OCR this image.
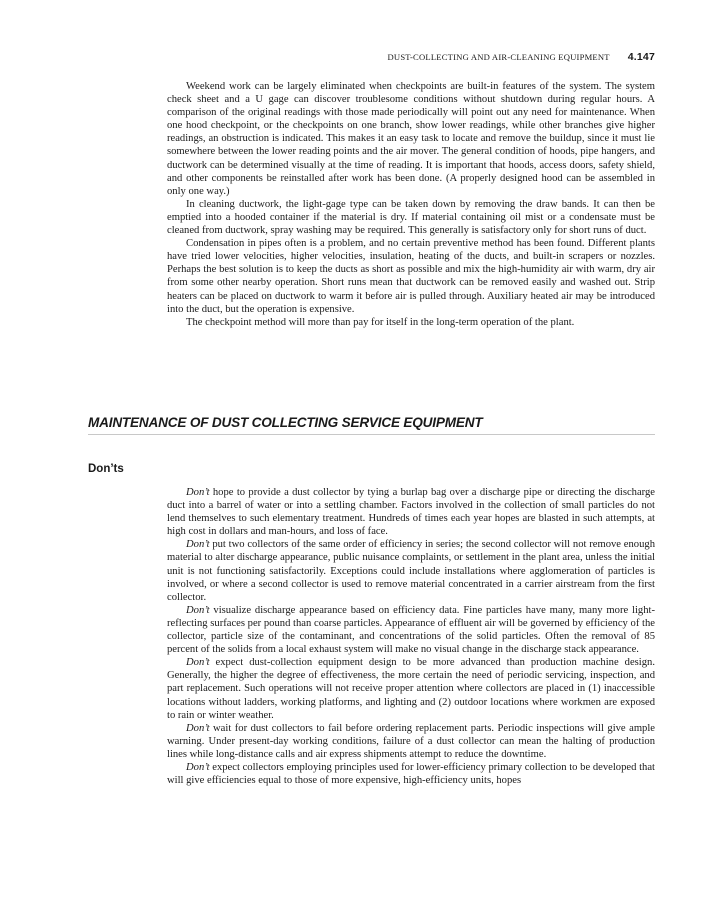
DUST-COLLECTING AND AIR-CLEANING EQUIPMENT 4.147

Weekend work can be largely eliminated when checkpoints are built-in features of the system. The system check sheet and a U gage can discover troublesome conditions without shutdown during regular hours. A comparison of the original readings with those made periodically will point out any need for maintenance. When one hood checkpoint, or the checkpoints on one branch, show lower readings, while other branches give higher readings, an obstruction is indicated. This makes it an easy task to locate and remove the buildup, since it must lie somewhere between the lower reading points and the air mover. The general condition of hoods, pipe hangers, and ductwork can be determined visually at the time of reading. It is important that hoods, access doors, safety shield, and other components be reinstalled after work has been done. (A properly designed hood can be assembled in only one way.)

In cleaning ductwork, the light-gage type can be taken down by removing the draw bands. It can then be emptied into a hooded container if the material is dry. If material containing oil mist or a condensate must be cleaned from ductwork, spray washing may be required. This generally is satisfactory only for short runs of duct.

Condensation in pipes often is a problem, and no certain preventive method has been found. Different plants have tried lower velocities, higher velocities, insulation, heating of the ducts, and built-in scrapers or nozzles. Perhaps the best solution is to keep the ducts as short as possible and mix the high-humidity air with warm, dry air from some other nearby operation. Short runs mean that ductwork can be removed easily and washed out. Strip heaters can be placed on ductwork to warm it before air is pulled through. Auxiliary heated air may be introduced into the duct, but the operation is expensive.

The checkpoint method will more than pay for itself in the long-term operation of the plant.

MAINTENANCE OF DUST COLLECTING SERVICE EQUIPMENT
Don’ts

Don’t hope to provide a dust collector by tying a burlap bag over a discharge pipe or directing the discharge duct into a barrel of water or into a settling chamber. Factors involved in the collection of small particles do not lend themselves to such elementary treatment. Hundreds of times each year hopes are blasted in such attempts, at high cost in dollars and man-hours, and loss of face.

Don’t put two collectors of the same order of efficiency in series; the second collector will not remove enough material to alter discharge appearance, public nuisance complaints, or settlement in the plant area, unless the initial unit is not functioning satisfactorily. Exceptions could include installations where agglomeration of particles is involved, or where a second collector is used to remove material concentrated in a carrier airstream from the first collector.

Don’t visualize discharge appearance based on efficiency data. Fine particles have many, many more light-reflecting surfaces per pound than coarse particles. Appearance of effluent air will be governed by efficiency of the collector, particle size of the contaminant, and concentrations of the solid particles. Often the removal of 85 percent of the solids from a local exhaust system will make no visual change in the discharge stack appearance.

Don’t expect dust-collection equipment design to be more advanced than production machine design. Generally, the higher the degree of effectiveness, the more certain the need of periodic servicing, inspection, and part replacement. Such operations will not receive proper attention where collectors are placed in (1) inaccessible locations without ladders, working platforms, and lighting and (2) outdoor locations where workmen are exposed to rain or winter weather.

Don’t wait for dust collectors to fail before ordering replacement parts. Periodic inspections will give ample warning. Under present-day working conditions, failure of a dust collector can mean the halting of production lines while long-distance calls and air express shipments attempt to reduce the downtime.

Don’t expect collectors employing principles used for lower-efficiency primary collection to be developed that will give efficiencies equal to those of more expensive, high-efficiency units, hopes
